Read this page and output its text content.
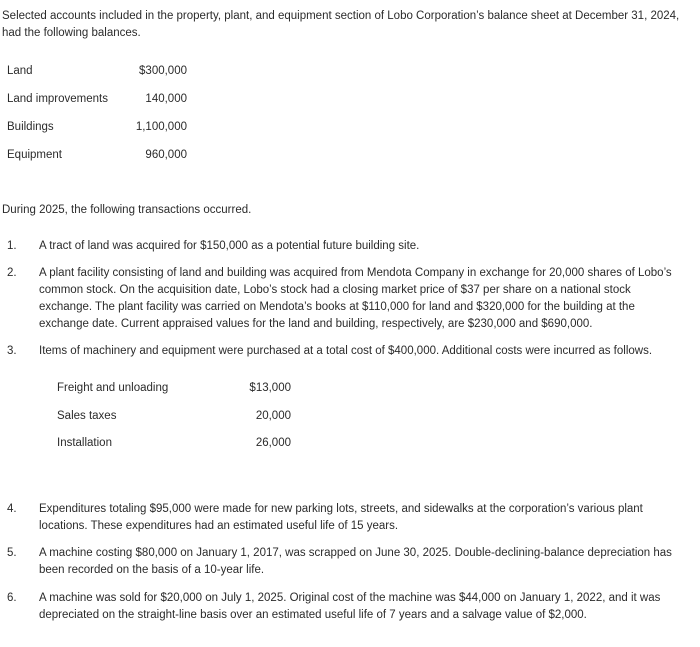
Selected accounts included in the property, plant, and equipment section of Lobo Corporation’s balance sheet at December 31, 2024, had the following balances.
Land	$300,000
Land improvements	140,000
Buildings	1,100,000
Equipment	960,000
During 2025, the following transactions occurred.
1.	A tract of land was acquired for $150,000 as a potential future building site.
2.	A plant facility consisting of land and building was acquired from Mendota Company in exchange for 20,000 shares of Lobo’s common stock. On the acquisition date, Lobo’s stock had a closing market price of $37 per share on a national stock exchange. The plant facility was carried on Mendota’s books at $110,000 for land and $320,000 for the building at the exchange date. Current appraised values for the land and building, respectively, are $230,000 and $690,000.
3.	Items of machinery and equipment were purchased at a total cost of $400,000. Additional costs were incurred as follows.
Freight and unloading	$13,000
Sales taxes	20,000
Installation	26,000
4.	Expenditures totaling $95,000 were made for new parking lots, streets, and sidewalks at the corporation’s various plant locations. These expenditures had an estimated useful life of 15 years.
5.	A machine costing $80,000 on January 1, 2017, was scrapped on June 30, 2025. Double-declining-balance depreciation has been recorded on the basis of a 10-year life.
6.	A machine was sold for $20,000 on July 1, 2025. Original cost of the machine was $44,000 on January 1, 2022, and it was depreciated on the straight-line basis over an estimated useful life of 7 years and a salvage value of $2,000.
